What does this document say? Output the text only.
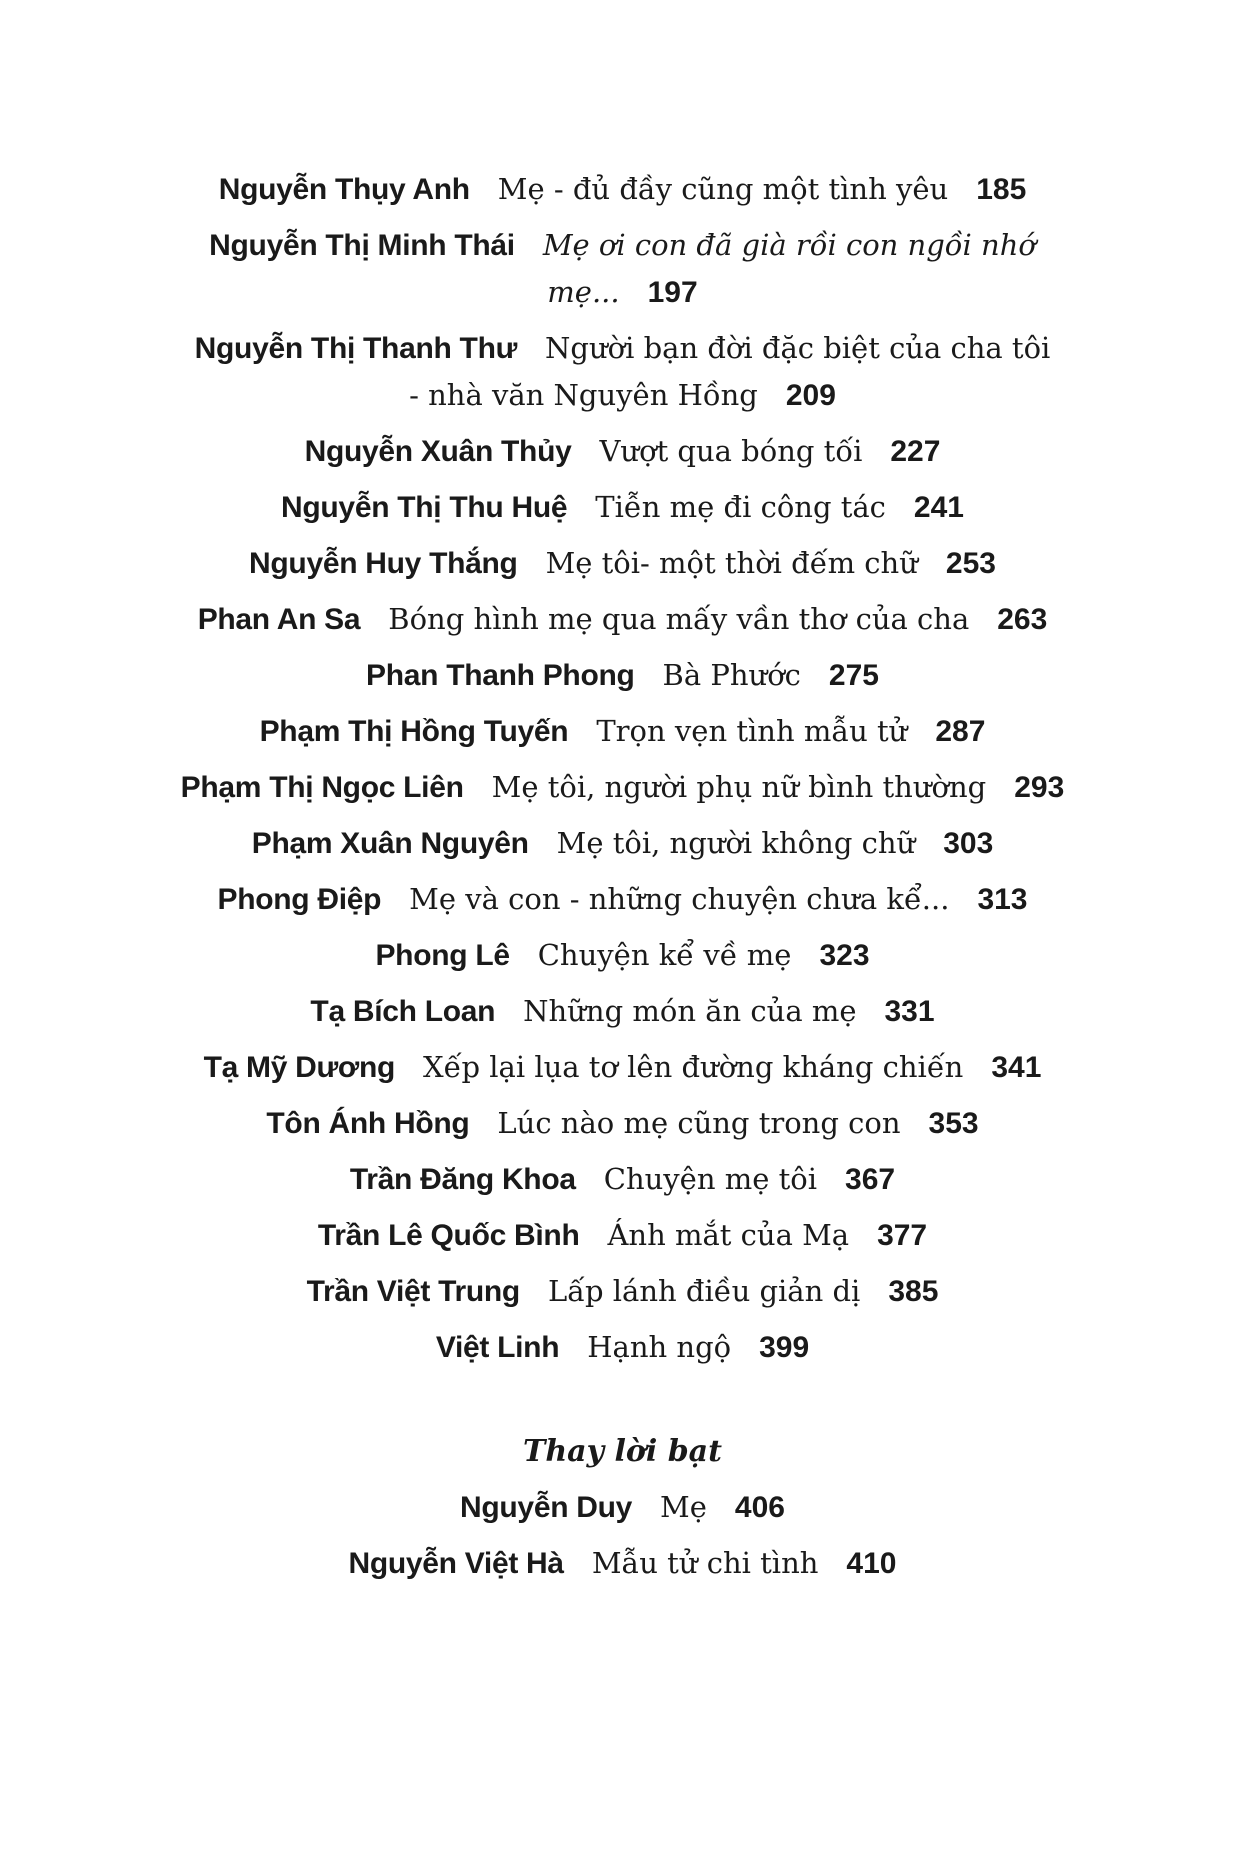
Nguyễn Thụy Anh Mẹ - đủ đầy cũng một tình yêu 185
Nguyễn Thị Minh Thái Mẹ ơi con đã già rồi con ngồi nhớ mẹ... 197
Nguyễn Thị Thanh Thư Người bạn đời đặc biệt của cha tôi - nhà văn Nguyên Hồng 209
Nguyễn Xuân Thủy Vượt qua bóng tối 227
Nguyễn Thị Thu Huệ Tiễn mẹ đi công tác 241
Nguyễn Huy Thắng Mẹ tôi- một thời đếm chữ 253
Phan An Sa Bóng hình mẹ qua mấy vần thơ của cha 263
Phan Thanh Phong Bà Phước 275
Phạm Thị Hồng Tuyến Trọn vẹn tình mẫu tử 287
Phạm Thị Ngọc Liên Mẹ tôi, người phụ nữ bình thường 293
Phạm Xuân Nguyên Mẹ tôi, người không chữ 303
Phong Điệp Mẹ và con - những chuyện chưa kể... 313
Phong Lê Chuyện kể về mẹ 323
Tạ Bích Loan Những món ăn của mẹ 331
Tạ Mỹ Dương Xếp lại lụa tơ lên đường kháng chiến 341
Tôn Ánh Hồng Lúc nào mẹ cũng trong con 353
Trần Đăng Khoa Chuyện mẹ tôi 367
Trần Lê Quốc Bình Ánh mắt của Mạ 377
Trần Việt Trung Lấp lánh điều giản dị 385
Việt Linh Hạnh ngộ 399
Thay lời bạt
Nguyễn Duy Mẹ 406
Nguyễn Việt Hà Mẫu tử chi tình 410
